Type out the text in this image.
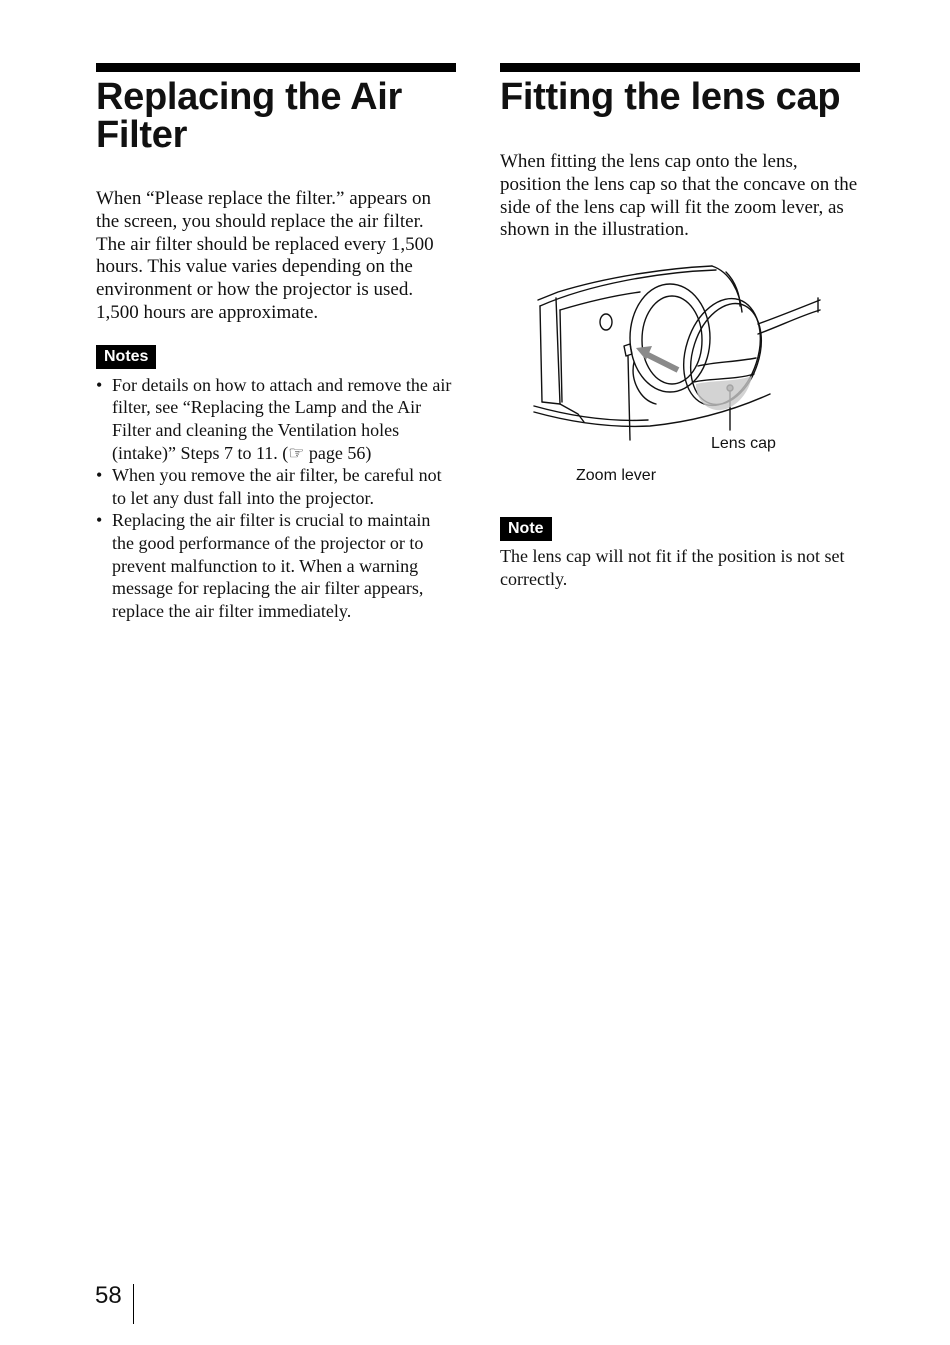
Replacing the Air Filter

When “Please replace the filter.” appears on the screen, you should replace the air filter. The air filter should be replaced every 1,500 hours. This value varies depending on the environment or how the projector is used. 1,500 hours are approximate.

Notes
• For details on how to attach and remove the air filter, see “Replacing the Lamp and the Air Filter and cleaning the Ventilation holes (intake)” Steps 7 to 11. (☞ page 56)
• When you remove the air filter, be careful not to let any dust fall into the projector.
• Replacing the air filter is crucial to maintain the good performance of the projector or to prevent malfunction to it. When a warning message for replacing the air filter appears, replace the air filter immediately.
Fitting the lens cap

When fitting the lens cap onto the lens, position the lens cap so that the concave on the side of the lens cap will fit the zoom lever, as shown in the illustration.

Lens cap
Zoom lever
Note

The lens cap will not fit if the position is not set correctly.

58
